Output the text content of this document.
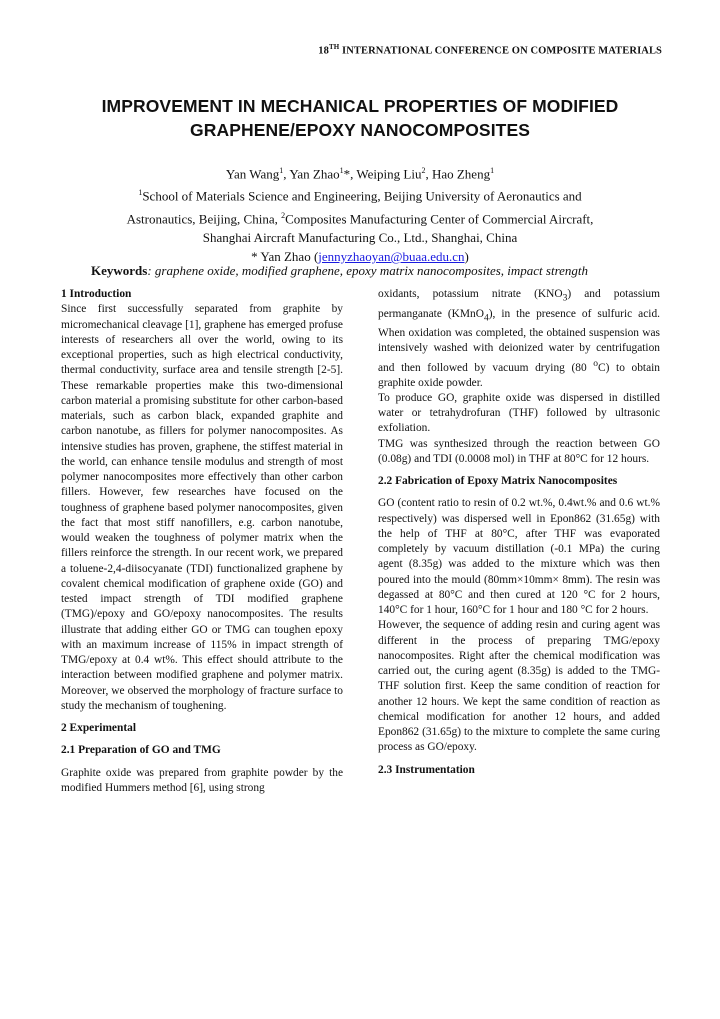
18TH INTERNATIONAL CONFERENCE ON COMPOSITE MATERIALS
IMPROVEMENT IN MECHANICAL PROPERTIES OF MODIFIED
GRAPHENE/EPOXY NANOCOMPOSITES
Yan Wang$^1$, Yan Zhao$^1$*, Weiping Liu$^2$, Hao Zheng$^1$
$^1$School of Materials Science and Engineering, Beijing University of Aeronautics and
Astronautics, Beijing, China, $^2$Composites Manufacturing Center of Commercial Aircraft,
Shanghai Aircraft Manufacturing Co., Ltd., Shanghai, China
* Yan Zhao (jennyzhaoyan@buaa.edu.cn)
Keywords: graphene oxide, modified graphene, epoxy matrix nanocomposites, impact strength

1 Introduction

Since first successfully separated from graphite by micromechanical cleavage [1], graphene has emerged profuse interests of researchers all over the world, owing to its exceptional properties, such as high electrical conductivity, thermal conductivity, surface area and tensile strength [2-5]. These remarkable properties make this two-dimensional carbon material a promising substitute for other carbon-based materials, such as carbon black, expanded graphite and carbon nanotube, as fillers for polymer nanocomposites. As intensive studies has proven, graphene, the stiffest material in the world, can enhance tensile modulus and strength of most polymer nanocomposites more effectively than other carbon fillers. However, few researches have focused on the toughness of graphene based polymer nanocomposites, given the fact that most stiff nanofillers, e.g. carbon nanotube, would weaken the toughness of polymer matrix when the fillers reinforce the strength. In our recent work, we prepared a toluene-2,4-diisocyanate (TDI) functionalized graphene by covalent chemical modification of graphene oxide (GO) and tested impact strength of TDI modified graphene (TMG)/epoxy and GO/epoxy nanocomposites. The results illustrate that adding either GO or TMG can toughen epoxy with an maximum increase of 115% in impact strength of TMG/epoxy at 0.4 wt%. This effect should attribute to the interaction between modified graphene and polymer matrix. Moreover, we observed the morphology of fracture surface to study the mechanism of toughening.

2 Experimental

2.1 Preparation of GO and TMG

Graphite oxide was prepared from graphite powder by the modified Hummers method [6], using strong

oxidants, potassium nitrate $(KNO_3)$ and potassium permanganate (KMnO$_4$), in the presence of sulfuric acid. When oxidation was completed, the obtained suspension was intensively washed with deionized water by centrifugation and then followed by vacuum drying (80 $^o$C) to obtain graphite oxide powder.

To produce GO, graphite oxide was dispersed in distilled water or tetrahydrofuran (THF) followed by ultrasonic exfoliation.

TMG was synthesized through the reaction between GO (0.08g) and TDI (0.0008 mol) in THF at 80°C for 12 hours.

2.2 Fabrication of Epoxy Matrix Nanocomposites

GO (content ratio to resin of 0.2 wt.%, 0.4wt.% and 0.6 wt.% respectively) was dispersed well in Epon862 (31.65g) with the help of THF at 80°C, after THF was evaporated completely by vacuum distillation (-0.1 MPa) the curing agent (8.35g) was added to the mixture which was then poured into the mould (80mm×10mm× 8mm). The resin was degassed at 80°C and then cured at 120 °C for 2 hours, 140°C for 1 hour, 160°C for 1 hour and 180 °C for 2 hours.

However, the sequence of adding resin and curing agent was different in the process of preparing TMG/epoxy nanocomposites. Right after the chemical modification was carried out, the curing agent (8.35g) is added to the TMG- THF solution first. Keep the same condition of reaction for another 12 hours. We kept the same condition of reaction as chemical modification for another 12 hours, and added Epon862 (31.65g) to the mixture to complete the same curing process as GO/epoxy.

2.3 Instrumentation
